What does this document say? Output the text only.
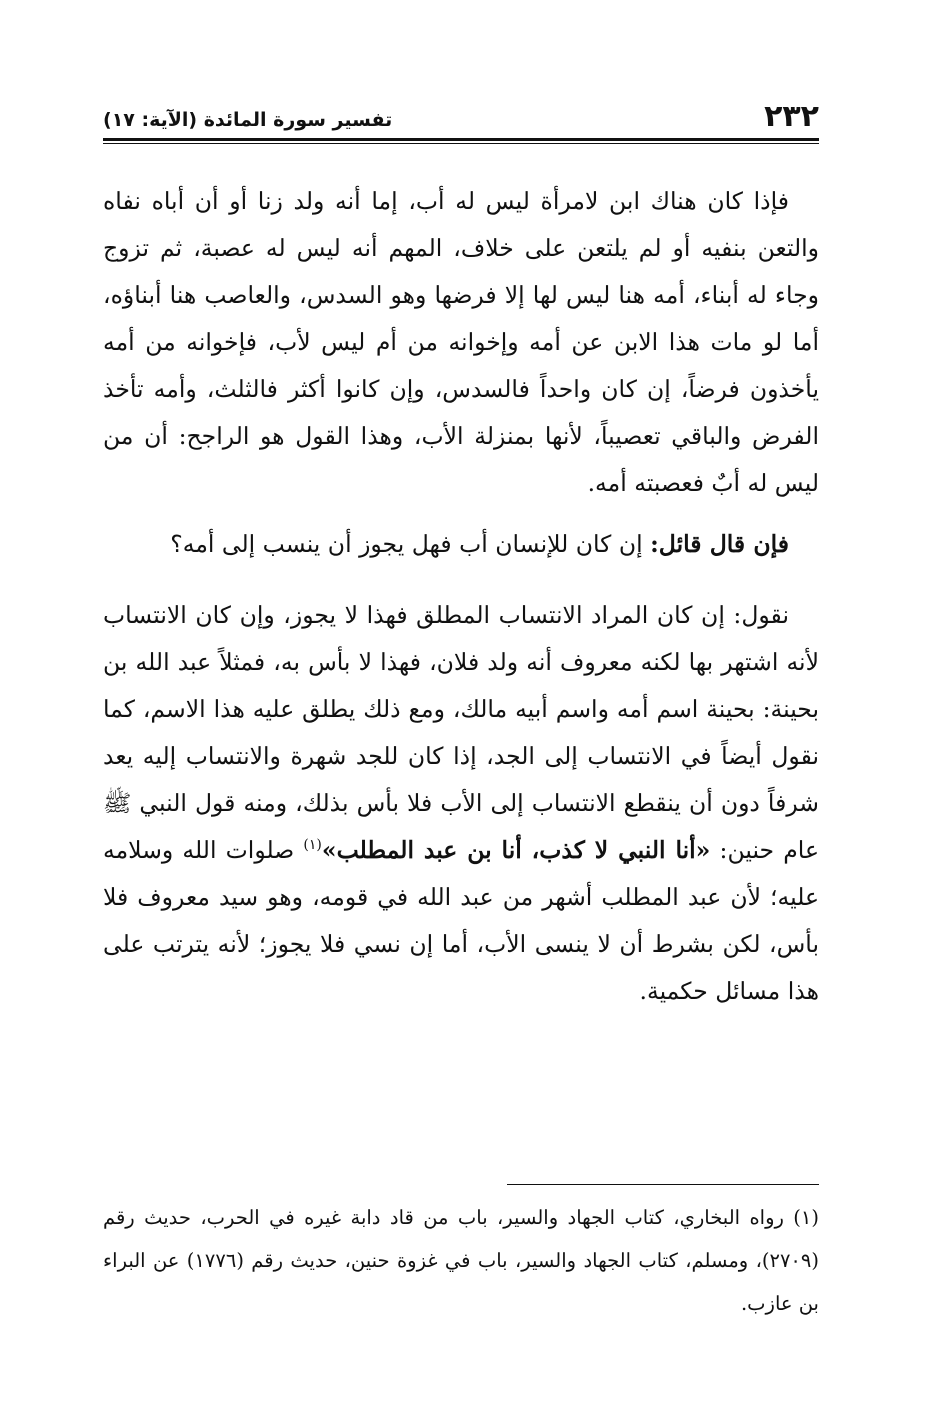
٢٣٢
تفسير سورة المائدة (الآية: ١٧)

فإذا كان هناك ابن لامرأة ليس له أب، إما أنه ولد زنا أو أن أباه نفاه والتعن بنفيه أو لم يلتعن على خلاف، المهم أنه ليس له عصبة، ثم تزوج وجاء له أبناء، أمه هنا ليس لها إلا فرضها وهو السدس، والعاصب هنا أبناؤه، أما لو مات هذا الابن عن أمه وإخوانه من أم ليس لأب، فإخوانه من أمه يأخذون فرضاً، إن كان واحداً فالسدس، وإن كانوا أكثر فالثلث، وأمه تأخذ الفرض والباقي تعصيباً، لأنها بمنزلة الأب، وهذا القول هو الراجح: أن من ليس له أبٌ فعصبته أمه.

فإن قال قائل: إن كان للإنسان أب فهل يجوز أن ينسب إلى أمه؟

نقول: إن كان المراد الانتساب المطلق فهذا لا يجوز، وإن كان الانتساب لأنه اشتهر بها لكنه معروف أنه ولد فلان، فهذا لا بأس به، فمثلاً عبد الله بن بحينة: بحينة اسم أمه واسم أبيه مالك، ومع ذلك يطلق عليه هذا الاسم، كما نقول أيضاً في الانتساب إلى الجد، إذا كان للجد شهرة والانتساب إليه يعد شرفاً دون أن ينقطع الانتساب إلى الأب فلا بأس بذلك، ومنه قول النبي ﷺ عام حنين: «أنا النبي لا كذب، أنا بن عبد المطلب»$^{(١)}$ صلوات الله وسلامه عليه؛ لأن عبد المطلب أشهر من عبد الله في قومه، وهو سيد معروف فلا بأس، لكن بشرط أن لا ينسى الأب، أما إن نسي فلا يجوز؛ لأنه يترتب على هذا مسائل حكمية.

(١) رواه البخاري، كتاب الجهاد والسير، باب من قاد دابة غيره في الحرب، حديث رقم (٢٧٠٩)، ومسلم، كتاب الجهاد والسير، باب في غزوة حنين، حديث رقم (١٧٧٦) عن البراء بن عازب.
